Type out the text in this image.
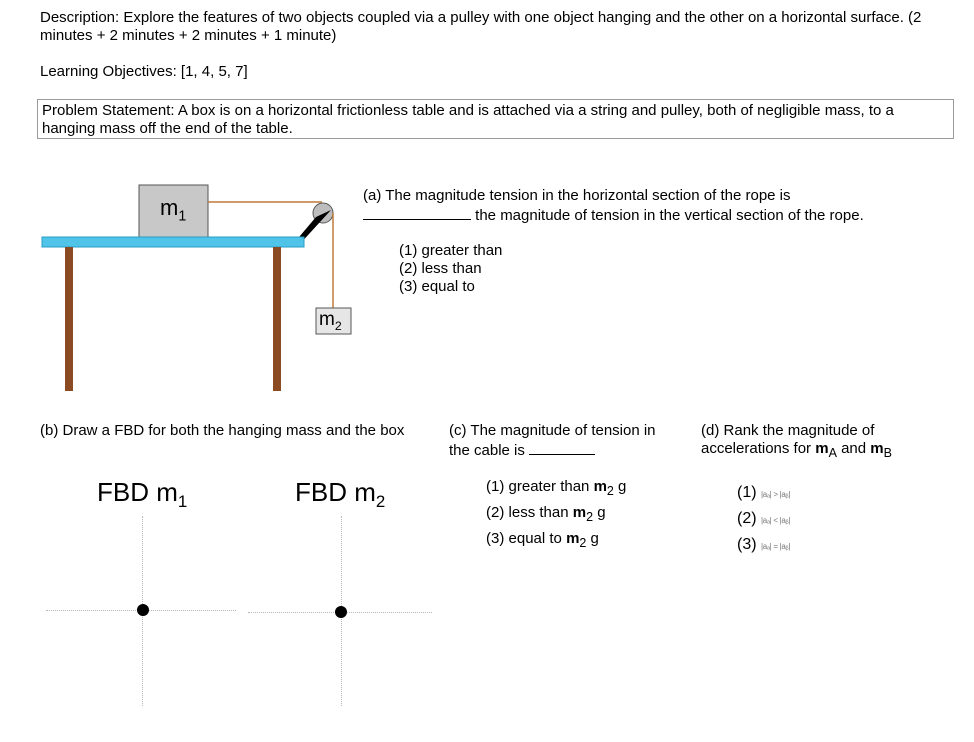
Description: Explore the features of two objects coupled via a pulley with one object hanging and the other on a horizontal surface. (2 minutes + 2 minutes + 2 minutes + 1 minute)
Learning Objectives: [1, 4, 5, 7]
Problem Statement: A box is on a horizontal frictionless table and is attached via a string and pulley, both of negligible mass, to a hanging mass off the end of the table.
$m_1$
$m_2$
(a) The magnitude tension in the horizontal section of the rope is
the magnitude of tension in the vertical section of the rope.
(1) greater than
(2) less than
(3) equal to
(b) Draw a FBD for both the hanging mass and the box
FBD $m_1$	FBD $m_2$
(c) The magnitude of tension in
the cable is
(1) greater than $m_2$ g
(2) less than $m_2$ g
(3) equal to $m_2$ g
(d) Rank the magnitude of
accelerations for $m_A$ and $m_B$
(1) |aₐ| > |aᵦ|
(2) |aₐ| < |aᵦ|
(3) |aₐ| = |aᵦ|
